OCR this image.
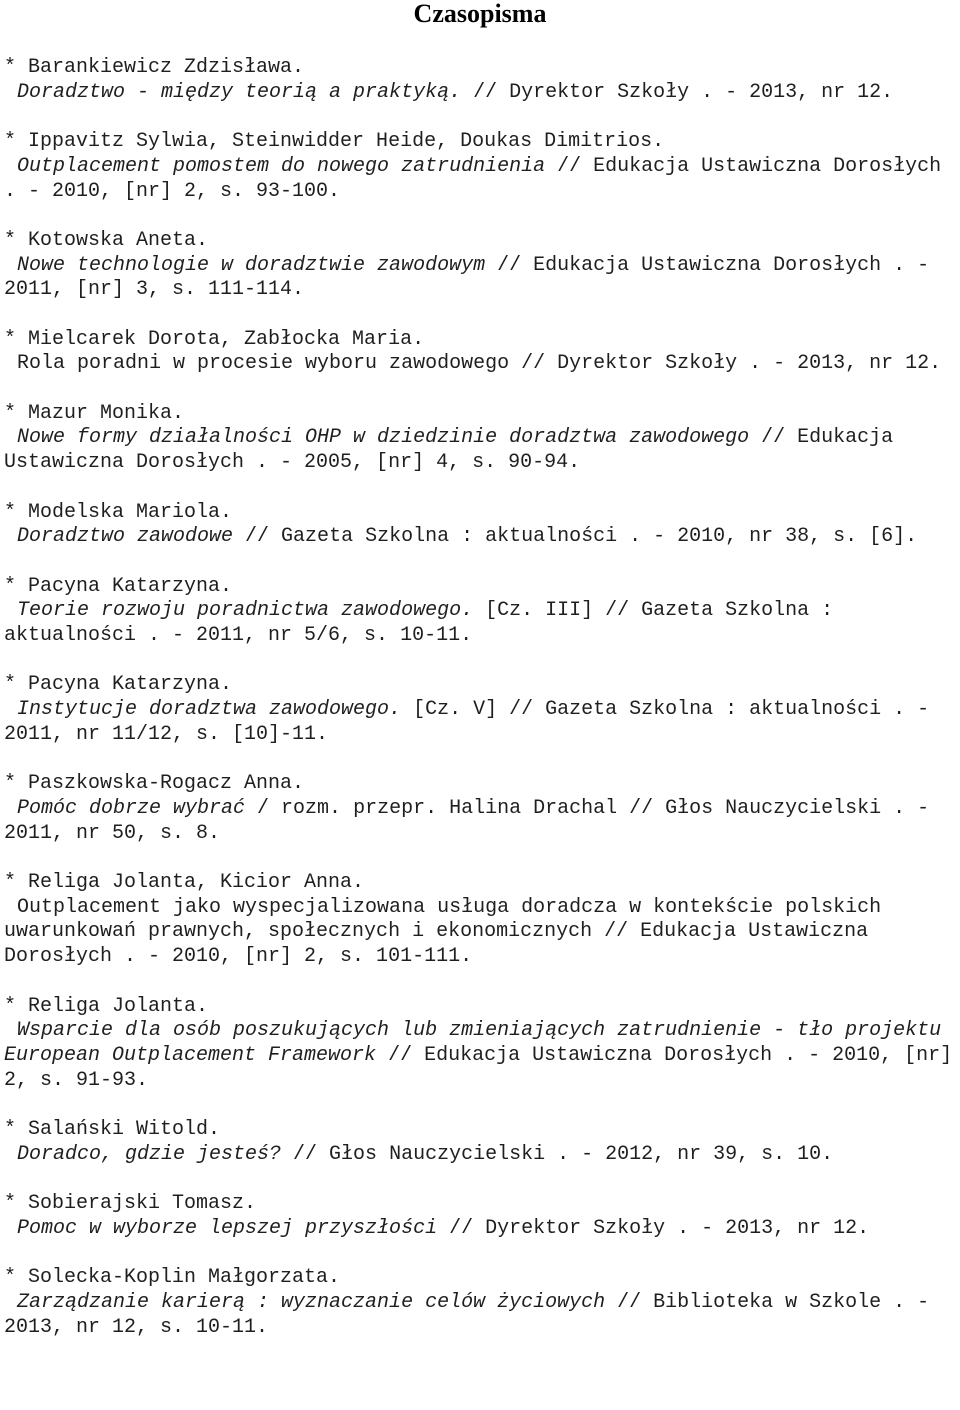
Czasopisma
* Barankiewicz Zdzisława.
Doradztwo - między teorią a praktyką. // Dyrektor Szkoły . - 2013, nr 12.
* Ippavitz Sylwia, Steinwidder Heide, Doukas Dimitrios.
Outplacement pomostem do nowego zatrudnienia // Edukacja Ustawiczna Dorosłych . - 2010, [nr] 2, s. 93-100.
* Kotowska Aneta.
Nowe technologie w doradztwie zawodowym // Edukacja Ustawiczna Dorosłych . - 2011, [nr] 3, s. 111-114.
* Mielcarek Dorota, Zabłocka Maria.
Rola poradni w procesie wyboru zawodowego // Dyrektor Szkoły . - 2013, nr 12.
* Mazur Monika.
Nowe formy działalności OHP w dziedzinie doradztwa zawodowego // Edukacja Ustawiczna Dorosłych . - 2005, [nr] 4, s. 90-94.
* Modelska Mariola.
Doradztwo zawodowe // Gazeta Szkolna : aktualności . - 2010, nr 38, s. [6].
* Pacyna Katarzyna.
Teorie rozwoju poradnictwa zawodowego. [Cz. III] // Gazeta Szkolna : aktualności . - 2011, nr 5/6, s. 10-11.
* Pacyna Katarzyna.
Instytucje doradztwa zawodowego. [Cz. V] // Gazeta Szkolna : aktualności . - 2011, nr 11/12, s. [10]-11.
* Paszkowska-Rogacz Anna.
Pomóc dobrze wybrać / rozm. przepr. Halina Drachal // Głos Nauczycielski . - 2011, nr 50, s. 8.
* Religa Jolanta, Kicior Anna.
Outplacement jako wyspecjalizowana usługa doradcza w kontekście polskich uwarunkowań prawnych, społecznych i ekonomicznych // Edukacja Ustawiczna Dorosłych . - 2010, [nr] 2, s. 101-111.
* Religa Jolanta.
Wsparcie dla osób poszukujących lub zmieniających zatrudnienie - tło projektu European Outplacement Framework // Edukacja Ustawiczna Dorosłych . - 2010, [nr] 2, s. 91-93.
* Salański Witold.
Doradco, gdzie jesteś? // Głos Nauczycielski . - 2012, nr 39, s. 10.
* Sobierajski Tomasz.
Pomoc w wyborze lepszej przyszłości // Dyrektor Szkoły . - 2013, nr 12.
* Solecka-Koplin Małgorzata.
Zarządzanie karierą : wyznaczanie celów życiowych // Biblioteka w Szkole . - 2013, nr 12, s. 10-11.
